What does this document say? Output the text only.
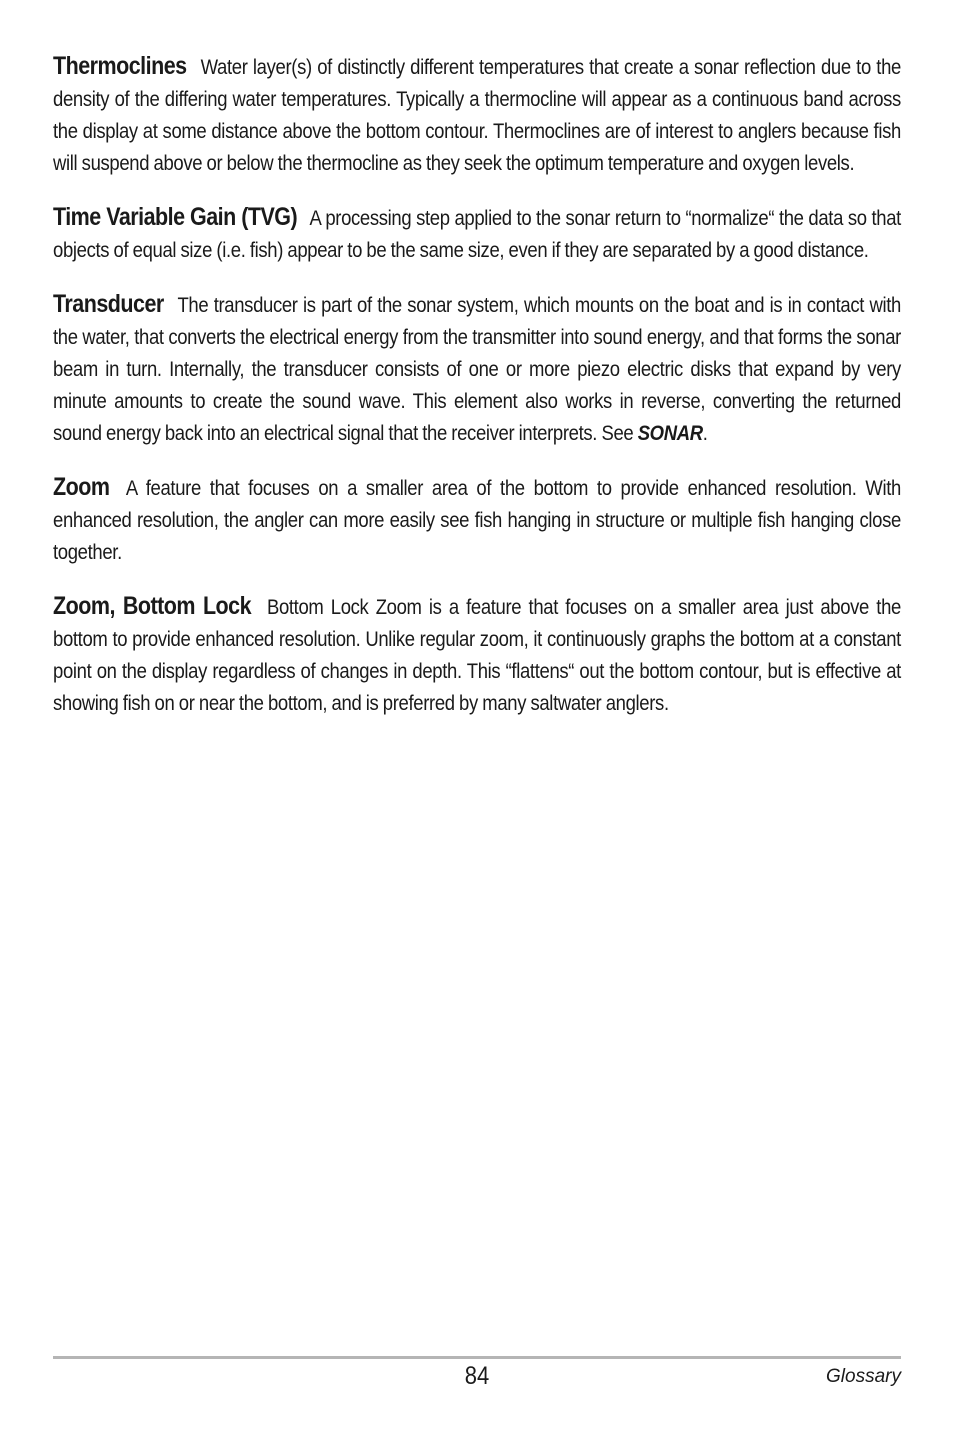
Thermoclines Water layer(s) of distinctly different temperatures that create a sonar reflection due to the density of the differing water temperatures. Typically a thermocline will appear as a continuous band across the display at some distance above the bottom contour. Thermoclines are of interest to anglers because fish will suspend above or below the thermocline as they seek the optimum temperature and oxygen levels.

Time Variable Gain (TVG) A processing step applied to the sonar return to “normalize“ the data so that objects of equal size (i.e. fish) appear to be the same size, even if they are separated by a good distance.

Transducer The transducer is part of the sonar system, which mounts on the boat and is in contact with the water, that converts the electrical energy from the transmitter into sound energy, and that forms the sonar beam in turn. Internally, the transducer consists of one or more piezo electric disks that expand by very minute amounts to create the sound wave. This element also works in reverse, converting the returned sound energy back into an electrical signal that the receiver interprets. See SONAR.

Zoom A feature that focuses on a smaller area of the bottom to provide enhanced resolution. With enhanced resolution, the angler can more easily see fish hanging in structure or multiple fish hanging close together.

Zoom, Bottom Lock Bottom Lock Zoom is a feature that focuses on a smaller area just above the bottom to provide enhanced resolution. Unlike regular zoom, it continuously graphs the bottom at a constant point on the display regardless of changes in depth. This “flattens“ out the bottom contour, but is effective at showing fish on or near the bottom, and is preferred by many saltwater anglers.

84	Glossary
